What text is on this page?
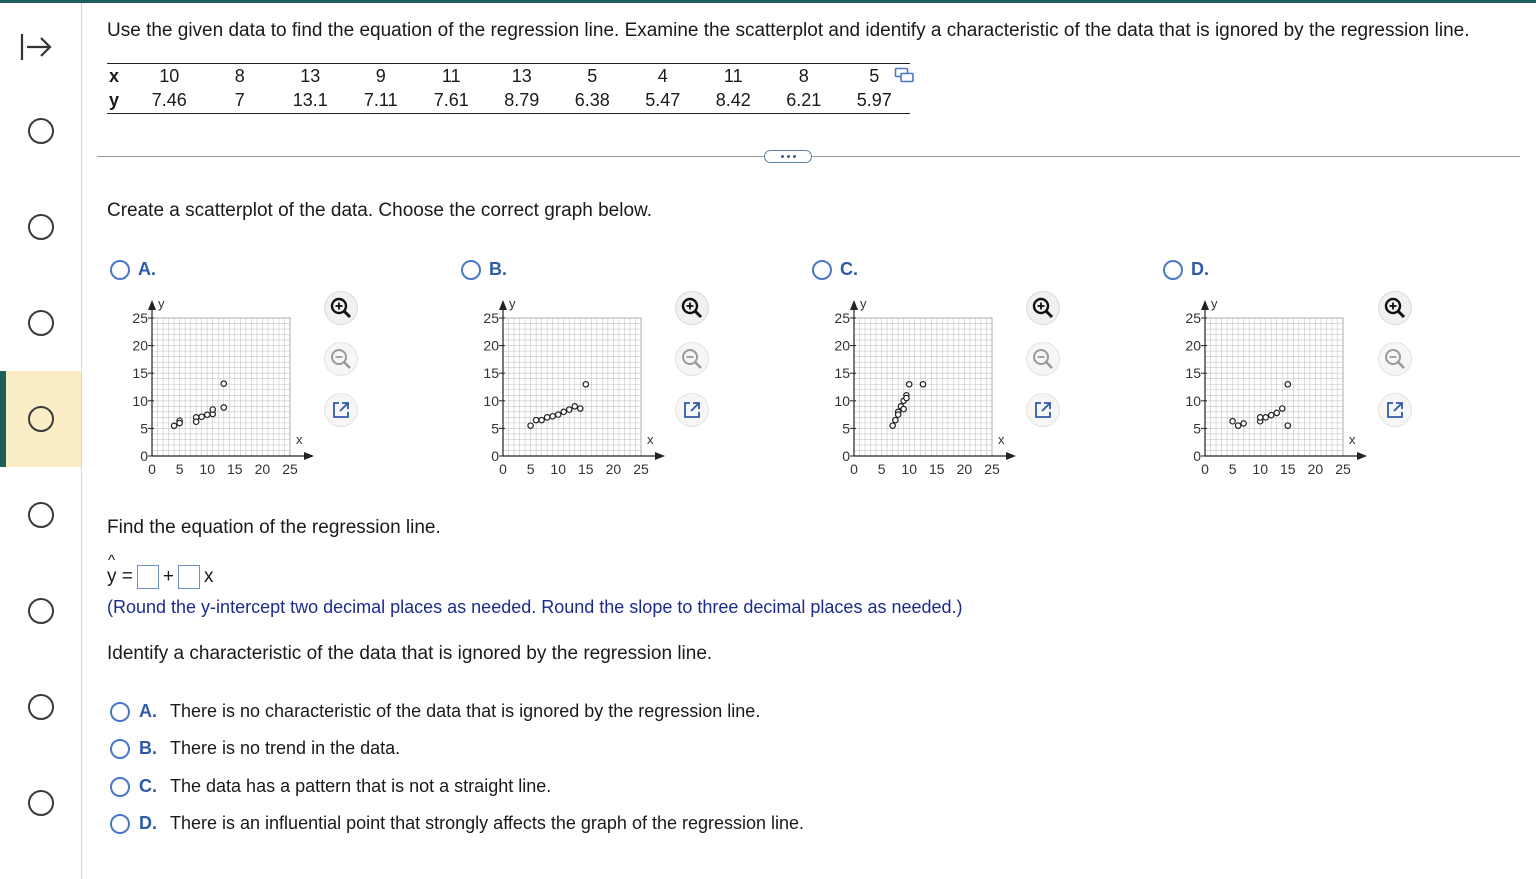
Use the given data to find the equation of the regression line. Examine the scatterplot and identify a characteristic of the data that is ignored by the regression line.
x	10	8	13	9	11	13	5	4	11	8	5
y	7.46	7	13.1	7.11	7.61	8.79	6.38	5.47	8.42	6.21	5.97
Create a scatterplot of the data. Choose the correct graph below.
A.	B.	C.	D.
0 5 10 15 20 25
0
5
10
15
20
25
x
y
0 5 10 15 20 25
0
5
10
15
20
25
x
y
0 5 10 15 20 25
0
5
10
15
20
25
x
y
0 5 10 15 20 25
0
5
10
15
20
25
x
y
Find the equation of the regression line.
^ y = + x
(Round the y-intercept two decimal places as needed. Round the slope to three decimal places as needed.)
Identify a characteristic of the data that is ignored by the regression line.
A. There is no characteristic of the data that is ignored by the regression line.
B. There is no trend in the data.
C. The data has a pattern that is not a straight line.
D. There is an influential point that strongly affects the graph of the regression line.
